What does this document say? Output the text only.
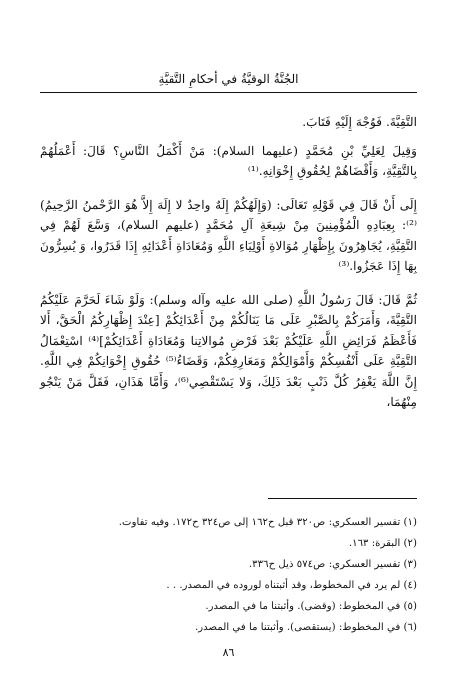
الجُنَّةُ الوقيَّةُ في أحكامِ التَّقيَّةِ

التَّقِيَّةَ. فَوُجْهَ إِلَيْهِ فَتَابَ.

وَقِيلَ لِعَلِيِّ بْنِ مُحَمَّدٍ (عليهما السلام): مَنْ أَكْمَلُ النَّاسِ؟ قَالَ: أَعْمَلُهُمْ بِالتَّقِيَّةِ، وَأَقْضَاهُمْ لِحُقُوقِ إِخْوَانِهِ.⁽¹⁾

إِلَى أَنْ قَالَ فِي قَوْلِهِ تَعَالَى: (وَإِلَهُكُمْ إِلَهٌ واحِدٌ لا إِلَهَ إِلاَّ هُوَ الرَّحْمنُ الرَّحِيمُ)⁽²⁾: بِعِبَادِهِ الْمُؤْمِنِينَ مِنْ شِيعَةِ آلِ مُحَمَّدٍ (عليهم السلام)، وَسَّعَ لَهُمْ فِي التَّقِيَّةِ، يُجَاهِرُونَ بِإِظْهَارِ مُوَالاةِ أَوْلِيَاءِ اللَّهِ وَمُعَادَاةِ أَعْدَائِهِ إِذَا قَدَرُوا، وَ يُسِرُّونَ بِهَا إِذَا عَجَزُوا.⁽³⁾

ثُمَّ قَالَ: قَالَ رَسُولُ اللَّهِ (صلى الله عليه وآله وسلم): وَلَوْ شَاءَ لَحَرَّمَ عَلَيْكُمُ التَّقِيَّةَ، وَأَمَرَكُمْ بِالصَّبْرِ عَلَى مَا يَنَالُكُمْ مِنْ أَعْدَائِكُمْ [عِنْدَ إِظْهَارِكُمُ الْحَقَّ، أَلا فَأَعْظَمُ فَرَائِضِ اللَّهِ عَلَيْكُمْ بَعْدَ فَرْضِ مُوالاتِنا وَمُعَادَاةِ أَعْدَائِكُمْ]⁽⁴⁾ اسْتِعْمَالُ التَّقِيَّةِ عَلَى أَنْفُسِكُمْ وَأَمْوَالِكُمْ وَمَعَارِفِكُمْ، وَقَضَاءُ⁽⁵⁾ حُقُوقِ إِخْوَانِكُمْ فِي اللَّهِ. إِنَّ اللَّهَ يَغْفِرُ كُلَّ ذَنْبٍ بَعْدَ ذَلِكَ، وَلا يَسْتَقْصِي⁽⁶⁾، وَأَمَّا هَذَانِ، فَقَلَّ مَنْ يَنْجُو مِنْهُمَا،

(١) تفسير العسكري: ص٣٢٠ قبل ح١٦٢ إلى ص٣٢٤ ح١٧٢. وفيه تفاوت.
(٢) البقرة: ١٦٣.
(٣) تفسير العسكري: ص٥٧٤ ذيل ح٣٣٦.
(٤) لم يرد في المخطوط، وقد أثبتناه لوروده في المصدر. . .
(٥) في المخطوط: (وقضى). وأثبتنا ما في المصدر.
(٦) في المخطوط: (يستقصى). وأثبتنا ما في المصدر.
٨٦
